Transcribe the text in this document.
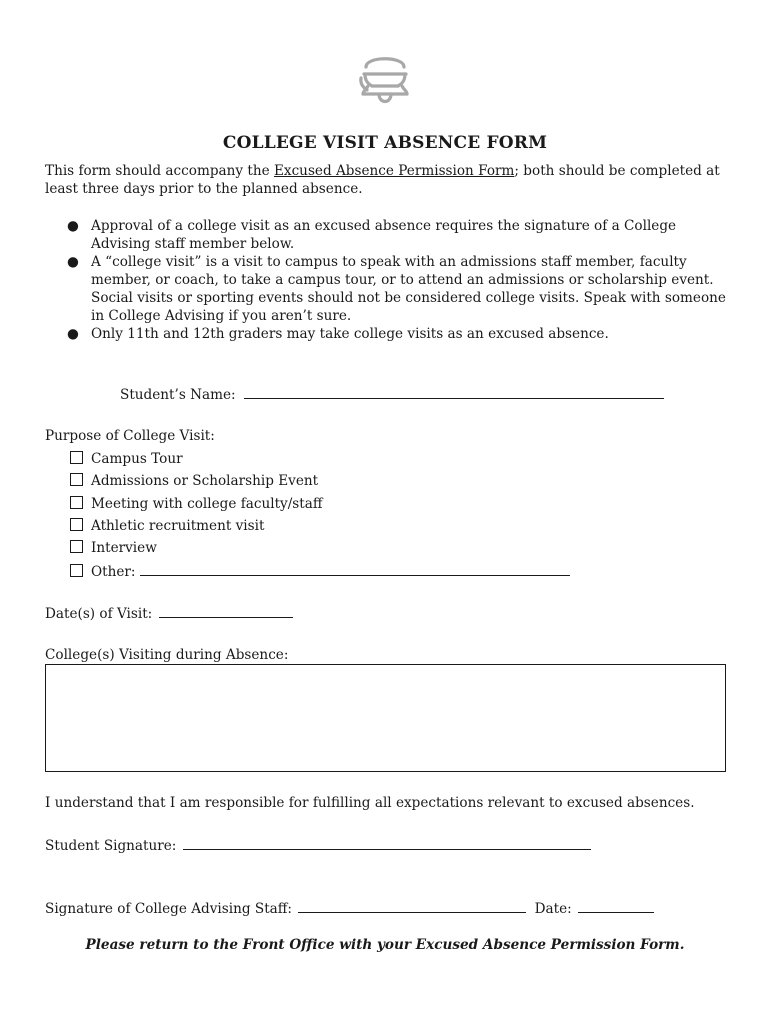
COLLEGE VISIT ABSENCE FORM
This form should accompany the Excused Absence Permission Form; both should be completed at least three days prior to the planned absence.
● Approval of a college visit as an excused absence requires the signature of a College Advising staff member below.
● A “college visit” is a visit to campus to speak with an admissions staff member, faculty member, or coach, to take a campus tour, or to attend an admissions or scholarship event. Social visits or sporting events should not be considered college visits. Speak with someone in College Advising if you aren’t sure.
● Only 11th and 12th graders may take college visits as an excused absence.
Student’s Name:
Purpose of College Visit:
Campus Tour
Admissions or Scholarship Event
Meeting with college faculty/staff
Athletic recruitment visit
Interview
Other:
Date(s) of Visit:
College(s) Visiting during Absence:
I understand that I am responsible for fulfilling all expectations relevant to excused absences.
Student Signature:
Signature of College Advising Staff:	Date:
Please return to the Front Office with your Excused Absence Permission Form.
